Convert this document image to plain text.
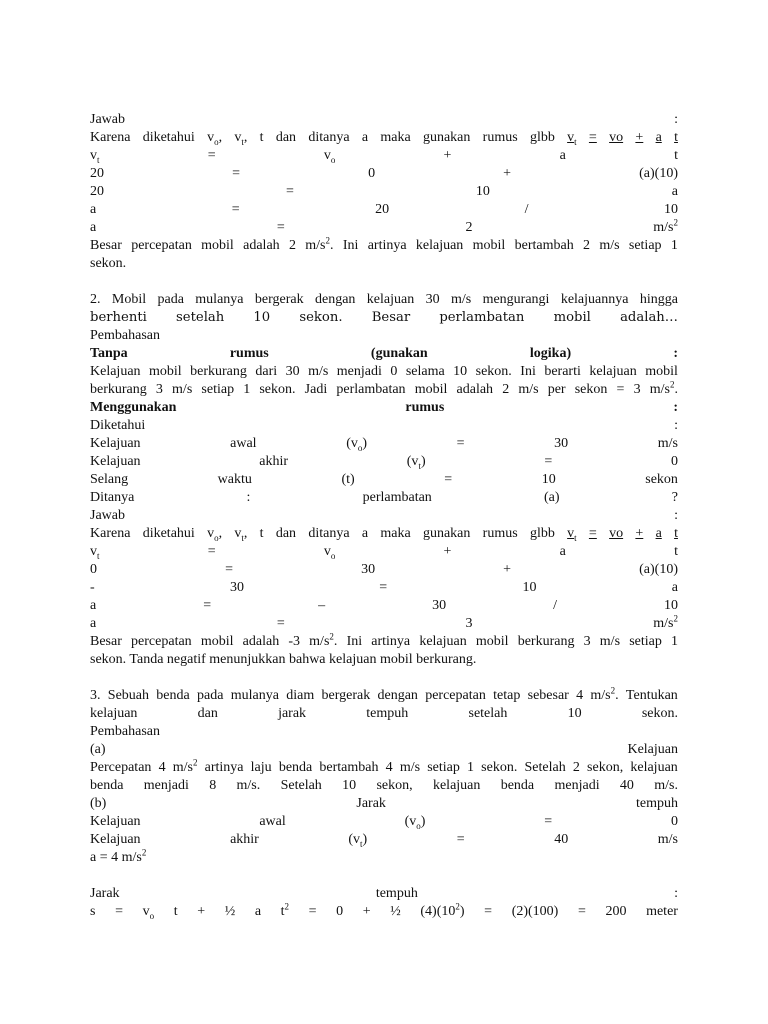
Jawab	:
Karena diketahui $v_o$, $v_t$, t dan ditanya a maka gunakan rumus glbb $v_t$ = vo + a t
$v_t$	=	$v_o$	+	a	t
20	=	0	+	(a)(10)
20	=	10	a
a	=	20	/	10
a	=	2	$m/s^2$
Besar percepatan mobil adalah 2 $m/s^2$. Ini artinya kelajuan mobil bertambah 2 m/s setiap 1
sekon.
2. Mobil pada mulanya bergerak dengan kelajuan 30 m/s mengurangi kelajuannya hingga
berhenti setelah 10 sekon. Besar perlambatan mobil adalah…
Pembahasan
Tanpa	rumus	(gunakan	logika)	:
Kelajuan mobil berkurang dari 30 m/s menjadi 0 selama 10 sekon. Ini berarti kelajuan mobil
berkurang 3 m/s setiap 1 sekon. Jadi perlambatan mobil adalah 2 m/s per sekon = 3 $m/s^2$.
Menggunakan	rumus	:
Diketahui	:
Kelajuan	awal	$(v_o)$	=	30	m/s
Kelajuan	akhir	$(v_t)$	=	0
Selang	waktu	(t)	=	10	sekon
Ditanya	:	perlambatan	(a)	?
Jawab	:
Karena diketahui $v_o$, $v_t$, t dan ditanya a maka gunakan rumus glbb $v_t$ = vo + a t
$v_t$	=	$v_o$	+	a	t
0	=	30	+	(a)(10)
-	30	=	10	a
a	=	–	30	/	10
a	=	3	$m/s^2$
Besar percepatan mobil adalah -3 $m/s^2$. Ini artinya kelajuan mobil berkurang 3 m/s setiap 1
sekon. Tanda negatif menunjukkan bahwa kelajuan mobil berkurang.
3. Sebuah benda pada mulanya diam bergerak dengan percepatan tetap sebesar 4 $m/s^2$. Tentukan
kelajuan	dan	jarak	tempuh	setelah	10	sekon.
Pembahasan
(a)	Kelajuan
Percepatan 4 $m/s^2$ artinya laju benda bertambah 4 m/s setiap 1 sekon. Setelah 2 sekon, kelajuan
benda menjadi 8 m/s. Setelah 10 sekon, kelajuan benda menjadi 40 m/s.
(b)	Jarak	tempuh
Kelajuan	awal	$(v_o)$	=	0
Kelajuan	akhir	$(v_t)$	=	40	m/s
a = 4 $m/s^2$
Jarak	tempuh	:
$s = v_o$ t + ½ a $t^2 = 0$ + ½ $(4)(10^2) = (2)(100) = 200$ meter
